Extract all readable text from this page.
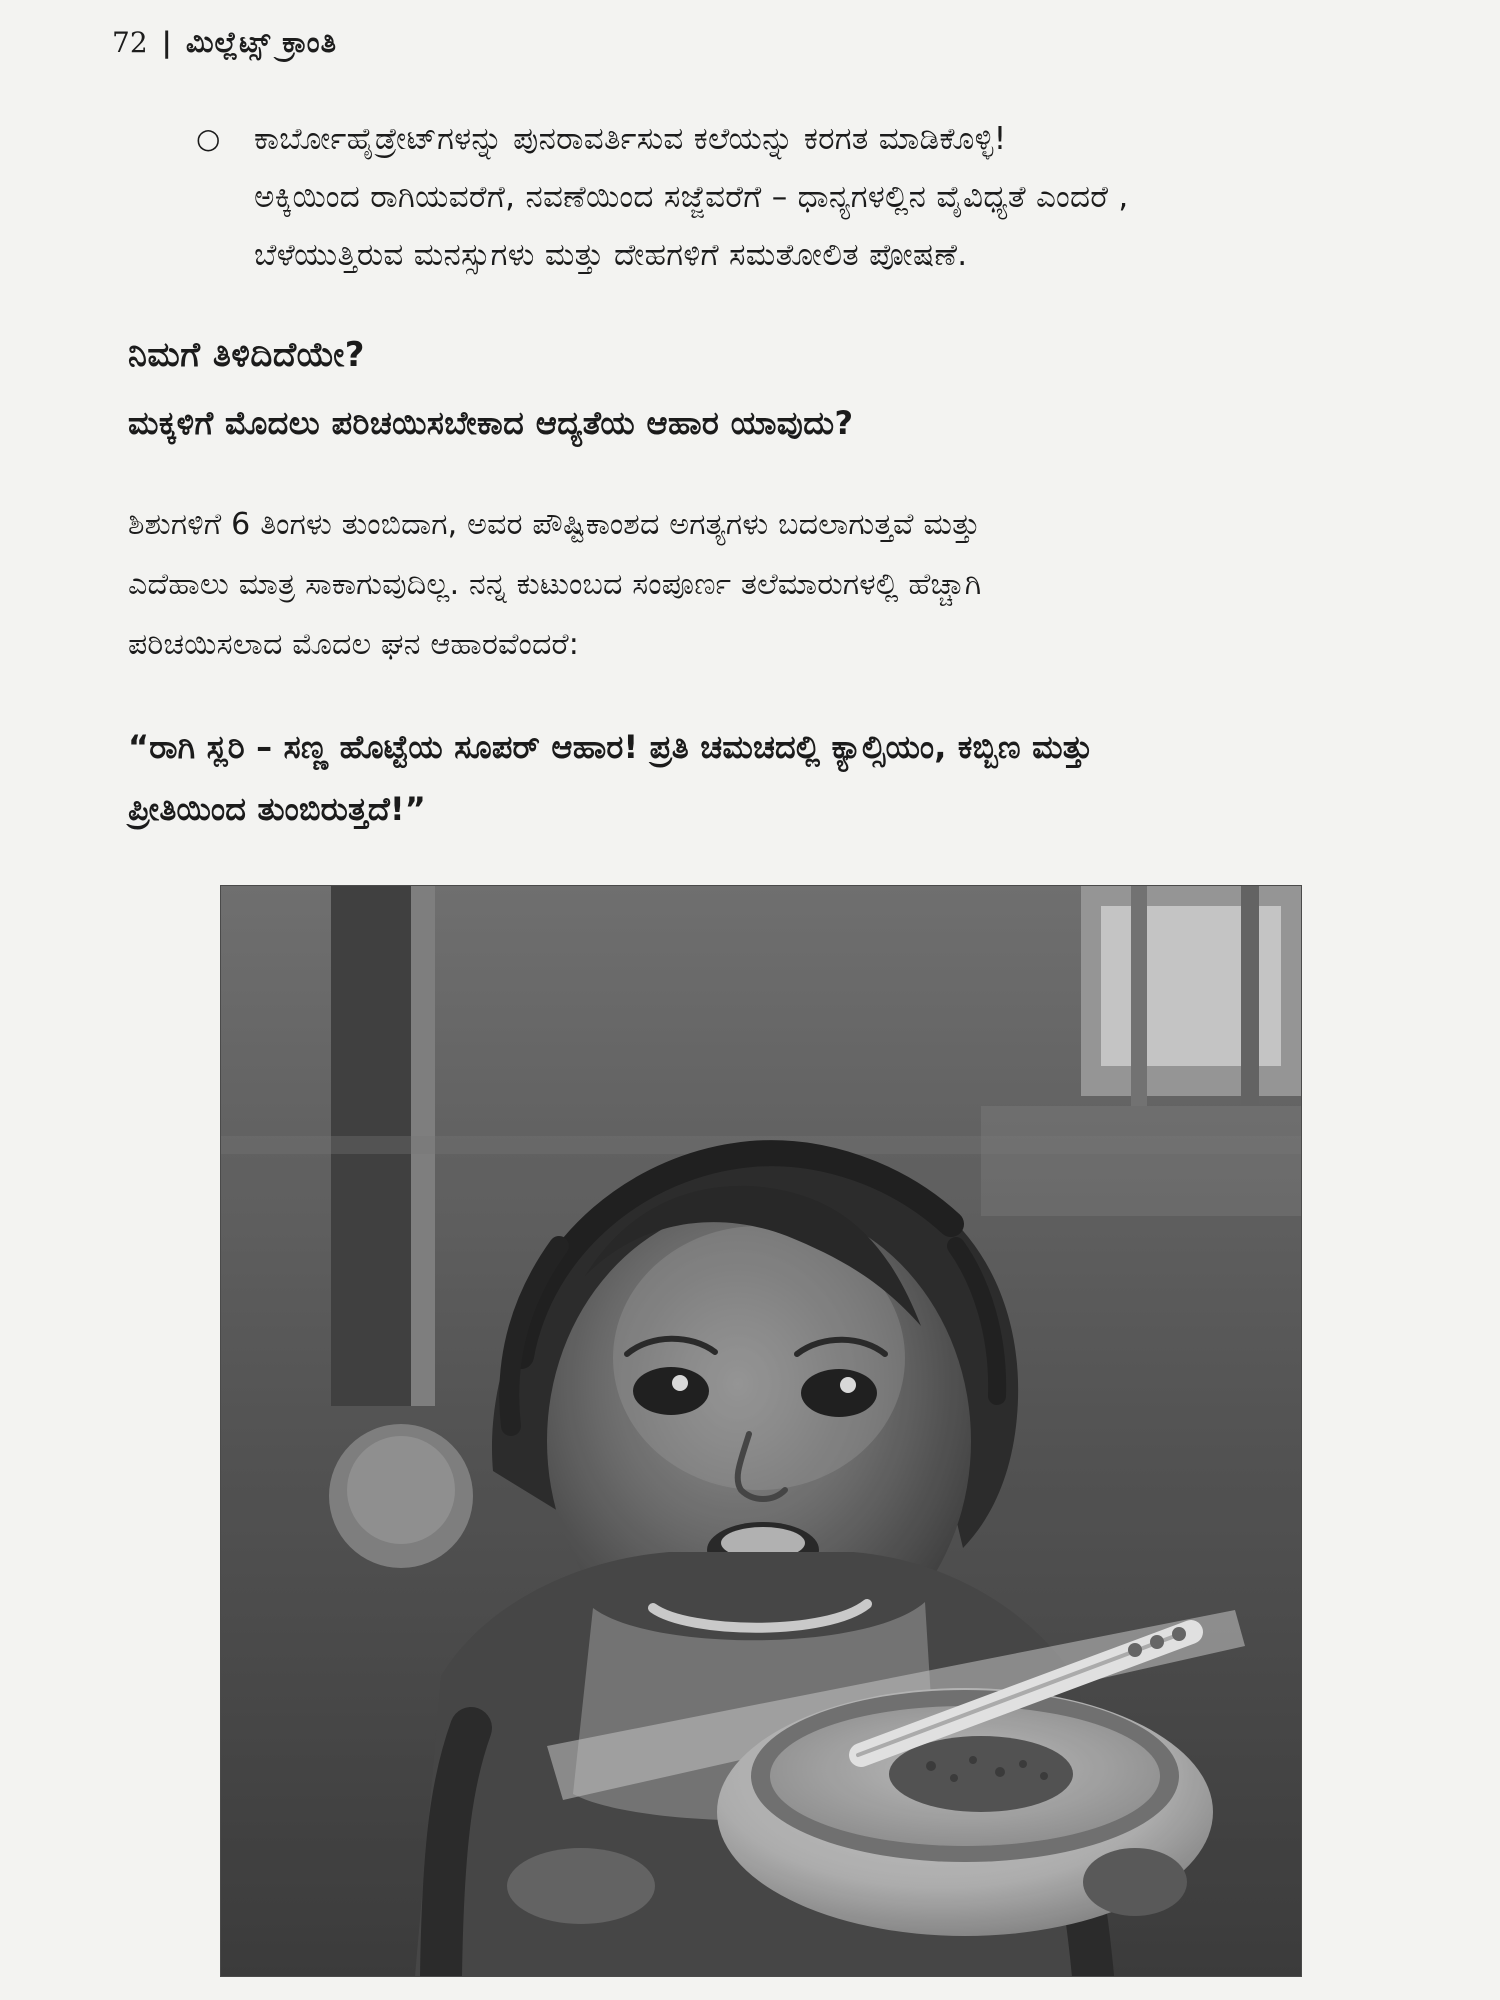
72 | ಮಿಲ್ಲೆಟ್ಸ್ ಕ್ರಾಂತಿ
○ ಕಾರ್ಬೋಹೈಡ್ರೇಟ್‌ಗಳನ್ನು ಪುನರಾವರ್ತಿಸುವ ಕಲೆಯನ್ನು ಕರಗತ ಮಾಡಿಕೊಳ್ಳಿ!
ಅಕ್ಕಿಯಿಂದ ರಾಗಿಯವರೆಗೆ, ನವಣೆಯಿಂದ ಸಜ್ಜೆವರೆಗೆ – ಧಾನ್ಯಗಳಲ್ಲಿನ ವೈವಿಧ್ಯತೆ ಎಂದರೆ ,
ಬೆಳೆಯುತ್ತಿರುವ ಮನಸ್ಸುಗಳು ಮತ್ತು ದೇಹಗಳಿಗೆ ಸಮತೋಲಿತ ಪೋಷಣೆ.
ನಿಮಗೆ ತಿಳಿದಿದೆಯೇ?
ಮಕ್ಕಳಿಗೆ ಮೊದಲು ಪರಿಚಯಿಸಬೇಕಾದ ಆದ್ಯತೆಯ ಆಹಾರ ಯಾವುದು?
ಶಿಶುಗಳಿಗೆ 6 ತಿಂಗಳು ತುಂಬಿದಾಗ, ಅವರ ಪೌಷ್ಟಿಕಾಂಶದ ಅಗತ್ಯಗಳು ಬದಲಾಗುತ್ತವೆ ಮತ್ತು
ಎದೆಹಾಲು ಮಾತ್ರ ಸಾಕಾಗುವುದಿಲ್ಲ. ನನ್ನ ಕುಟುಂಬದ ಸಂಪೂರ್ಣ ತಲೆಮಾರುಗಳಲ್ಲಿ ಹೆಚ್ಚಾಗಿ
ಪರಿಚಯಿಸಲಾದ ಮೊದಲ ಘನ ಆಹಾರವೆಂದರೆ:
“ರಾಗಿ ಸ್ಲರಿ – ಸಣ್ಣ ಹೊಟ್ಟೆಯ ಸೂಪರ್ ಆಹಾರ! ಪ್ರತಿ ಚಮಚದಲ್ಲಿ ಕ್ಯಾಲ್ಸಿಯಂ, ಕಬ್ಬಿಣ ಮತ್ತು
ಪ್ರೀತಿಯಿಂದ ತುಂಬಿರುತ್ತದೆ!”
